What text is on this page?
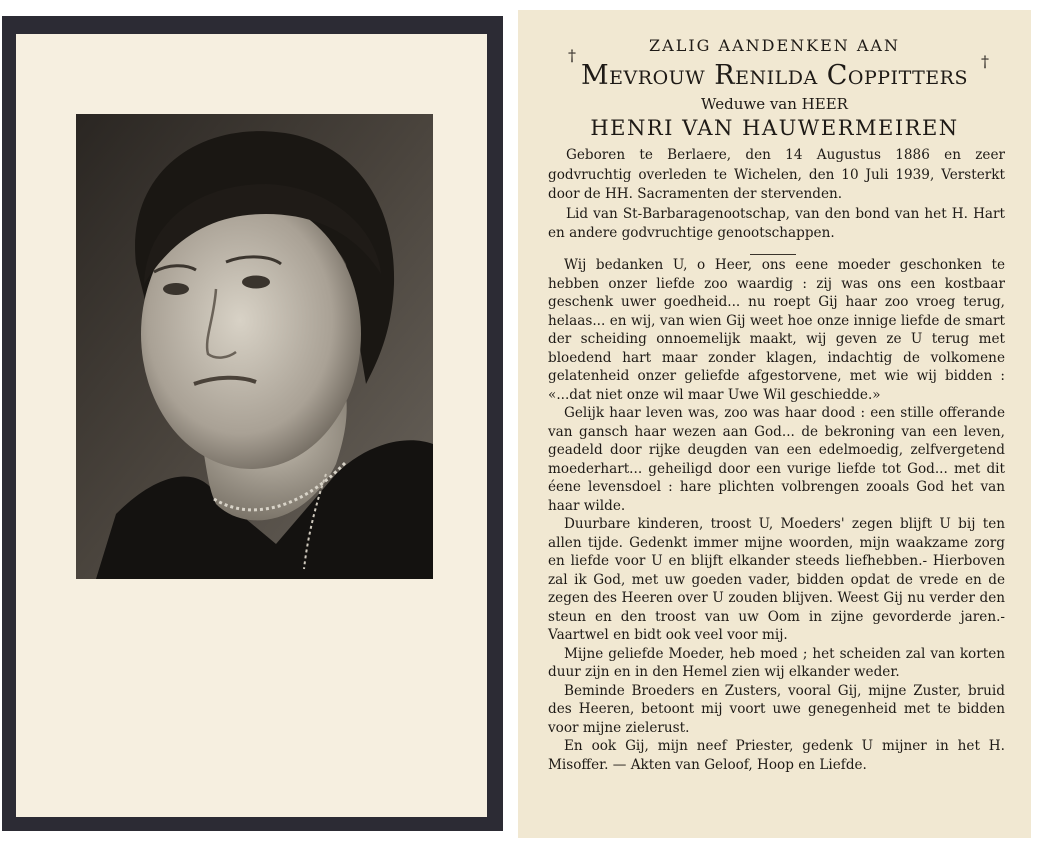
†	†
ZALIG AANDENKEN AAN
Mevrouw Renilda Coppitters
Weduwe van HEER
HENRI VAN HAUWERMEIREN

Geboren te Berlaere, den 14 Augustus 1886 en zeer godvruchtig overleden te Wichelen, den 10 Juli 1939, Versterkt door de HH. Sacramenten der stervenden.

Lid van St-Barbaragenootschap, van den bond van het H. Hart en andere godvruchtige genootschappen.

Wij bedanken U, o Heer, ons eene moeder geschonken te hebben onzer liefde zoo waardig : zij was ons een kostbaar geschenk uwer goedheid... nu roept Gij haar zoo vroeg terug, helaas... en wij, van wien Gij weet hoe onze innige liefde de smart der scheiding onnoemelijk maakt, wij geven ze U terug met bloedend hart maar zonder klagen, indachtig de volkomene gelatenheid onzer geliefde afgestorvene, met wie wij bidden : «...dat niet onze wil maar Uwe Wil geschiedde.»

Gelijk haar leven was, zoo was haar dood : een stille offerande van gansch haar wezen aan God... de bekroning van een leven, geadeld door rijke deugden van een edelmoedig, zelfvergetend moederhart... geheiligd door een vurige liefde tot God... met dit éene levensdoel : hare plichten volbrengen zooals God het van haar wilde.

Duurbare kinderen, troost U, Moeders' zegen blijft U bij ten allen tijde. Gedenkt immer mijne woorden, mijn waakzame zorg en liefde voor U en blijft elkander steeds liefhebben.- Hierboven zal ik God, met uw goeden vader, bidden opdat de vrede en de zegen des Heeren over U zouden blijven. Weest Gij nu verder den steun en den troost van uw Oom in zijne gevorderde jaren.- Vaartwel en bidt ook veel voor mij.

Mijne geliefde Moeder, heb moed ; het scheiden zal van korten duur zijn en in den Hemel zien wij elkander weder.

Beminde Broeders en Zusters, vooral Gij, mijne Zuster, bruid des Heeren, betoont mij voort uwe genegenheid met te bidden voor mijne zielerust.

En ook Gij, mijn neef Priester, gedenk U mijner in het H. Misoffer. — Akten van Geloof, Hoop en Liefde.
